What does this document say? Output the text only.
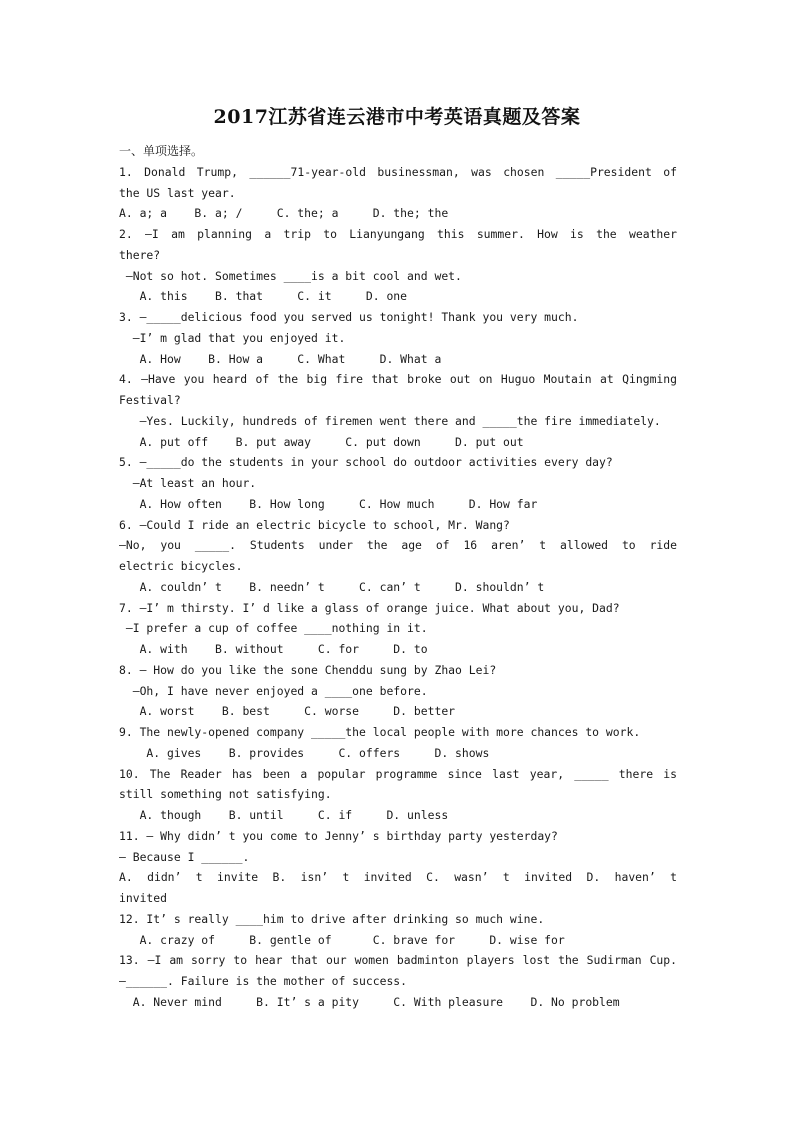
2017江苏省连云港市中考英语真题及答案
一、单项选择。
1. Donald Trump, ______71-year-old businessman, was chosen _____President of
the US last year.
A. a; a    B. a; /     C. the; a     D. the; the
2. —I am planning a trip to Lianyungang this summer. How is the weather
there?
—Not so hot. Sometimes ____is a bit cool and wet.
A. this    B. that     C. it     D. one
3. —_____delicious food you served us tonight! Thank you very much.
—I’ m glad that you enjoyed it.
A. How    B. How a     C. What     D. What a
4. —Have you heard of the big fire that broke out on Huguo Moutain at Qingming
Festival?
—Yes. Luckily, hundreds of firemen went there and _____the fire immediately.
A. put off    B. put away     C. put down     D. put out
5. —_____do the students in your school do outdoor activities every day?
—At least an hour.
A. How often    B. How long     C. How much     D. How far
6. —Could I ride an electric bicycle to school, Mr. Wang?
—No, you _____. Students under the age of 16 aren’ t allowed to ride
electric bicycles.
A. couldn’ t    B. needn’ t     C. can’ t     D. shouldn’ t
7. —I’ m thirsty. I’ d like a glass of orange juice. What about you, Dad?
—I prefer a cup of coffee ____nothing in it.
A. with    B. without     C. for     D. to
8. — How do you like the sone Chenddu sung by Zhao Lei?
—Oh, I have never enjoyed a ____one before.
A. worst    B. best     C. worse     D. better
9. The newly-opened company _____the local people with more chances to work.
A. gives    B. provides     C. offers     D. shows
10. The Reader has been a popular programme since last year, _____ there is
still something not satisfying.
A. though    B. until     C. if     D. unless
11. — Why didn’ t you come to Jenny’ s birthday party yesterday?
— Because I ______.
A. didn’ t invite B. isn’ t invited C. wasn’ t invited D. haven’ t
invited
12. It’ s really ____him to drive after drinking so much wine.
A. crazy of     B. gentle of      C. brave for     D. wise for
13. —I am sorry to hear that our women badminton players lost the Sudirman Cup.
—______. Failure is the mother of success.
A. Never mind     B. It’ s a pity     C. With pleasure    D. No problem
